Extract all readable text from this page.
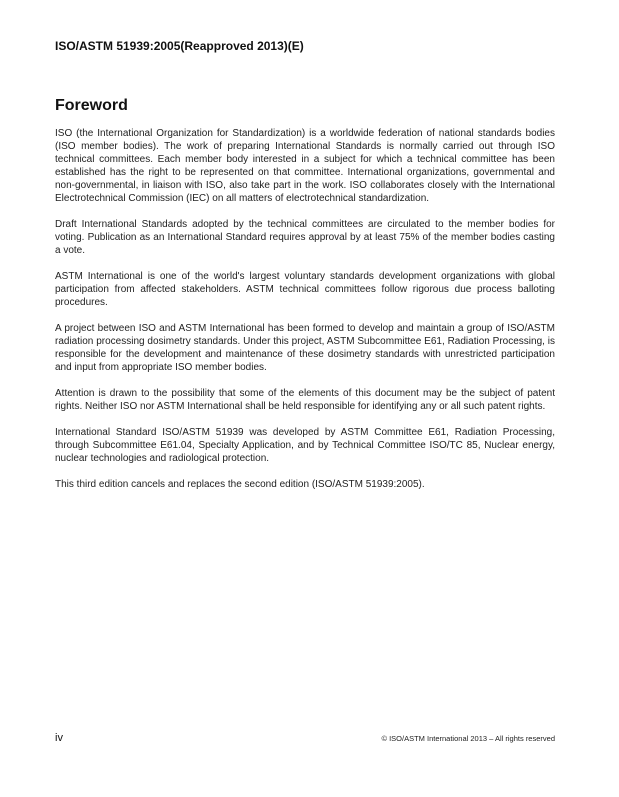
ISO/ASTM 51939:2005(Reapproved 2013)(E)
Foreword

ISO (the International Organization for Standardization) is a worldwide federation of national standards bodies (ISO member bodies). The work of preparing International Standards is normally carried out through ISO technical committees. Each member body interested in a subject for which a technical committee has been established has the right to be represented on that committee. International organizations, governmental and non-governmental, in liaison with ISO, also take part in the work. ISO collaborates closely with the International Electrotechnical Commission (IEC) on all matters of electrotechnical standardization.

Draft International Standards adopted by the technical committees are circulated to the member bodies for voting. Publication as an International Standard requires approval by at least 75% of the member bodies casting a vote.

ASTM International is one of the world's largest voluntary standards development organizations with global participation from affected stakeholders. ASTM technical committees follow rigorous due process balloting procedures.

A project between ISO and ASTM International has been formed to develop and maintain a group of ISO/ASTM radiation processing dosimetry standards. Under this project, ASTM Subcommittee E61, Radiation Processing, is responsible for the development and maintenance of these dosimetry standards with unrestricted participation and input from appropriate ISO member bodies.

Attention is drawn to the possibility that some of the elements of this document may be the subject of patent rights. Neither ISO nor ASTM International shall be held responsible for identifying any or all such patent rights.

International Standard ISO/ASTM 51939 was developed by ASTM Committee E61, Radiation Processing, through Subcommittee E61.04, Specialty Application, and by Technical Committee ISO/TC 85, Nuclear energy, nuclear technologies and radiological protection.

This third edition cancels and replaces the second edition (ISO/ASTM 51939:2005).

iv	© ISO/ASTM International 2013 – All rights reserved
